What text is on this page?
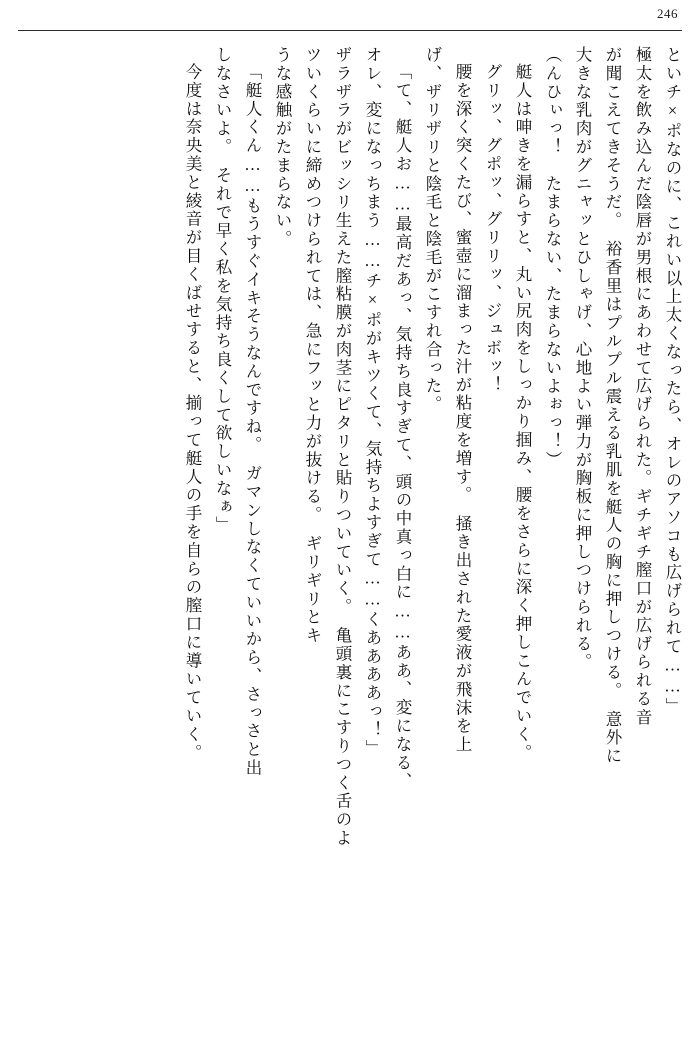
246
といチ×ポなのに、これい以上太くなったら、オレのアソコも広げられて……」
極太を飲み込んだ陰唇が男根にあわせて広げられた。ギチギチ膣口が広げられる音
が聞こえてきそうだ。　裕香里はプルプル震える乳肌を艇人の胸に押しつける。　意外に
大きな乳肉がグニャッとひしゃげ、心地よい弾力が胸板に押しつけられる。
（んひぃっ！　たまらない、たまらないよぉっ！）
艇人は呻きを漏らすと、丸い尻肉をしっかり掴み、腰をさらに深く押しこんでいく。
グリッ、グポッ、グリリッ、ジュボッ！
腰を深く突くたび、蜜壺に溜まった汁が粘度を増す。　掻き出された愛液が飛沫を上
げ、ザリザリと陰毛と陰毛がこすれ合った。
「て、艇人お……最高だあっ、気持ち良すぎて、頭の中真っ白に……ああ、変になる、
オレ、変になっちまう……チ×ポがキツくて、気持ちよすぎて……くああああっ！」
ザラザラがビッシリ生えた膣粘膜が肉茎にピタリと貼りついていく。　亀頭裏にこすりつく舌のよ
ツいくらいに締めつけられては、急にフッと力が抜ける。　ギリギリとキ
うな感触がたまらない。
「艇人くん……もうすぐイキそうなんですね。　ガマンしなくていいから、さっさと出
しなさいよ。　それで早く私を気持ち良くして欲しいなぁ」
今度は奈央美と綾音が目くばせすると、揃って艇人の手を自らの膣口に導いていく。
